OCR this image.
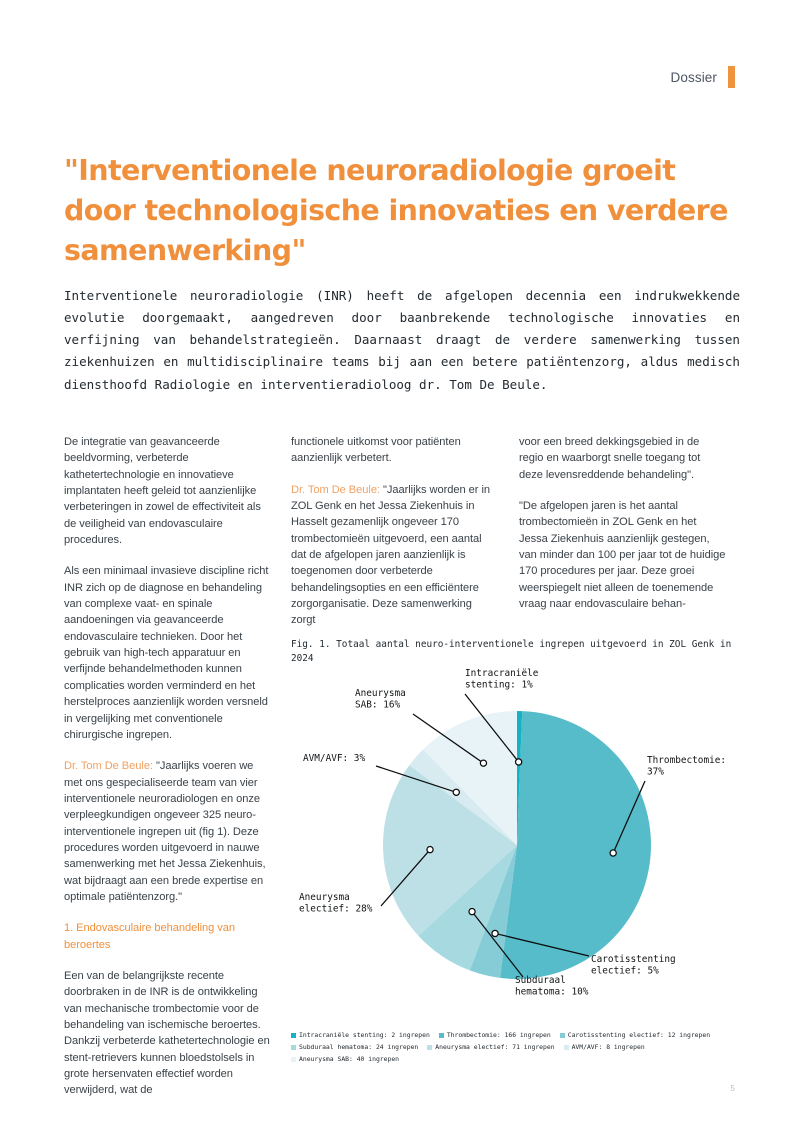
Dossier
"Interventionele neuroradiologie groeit door technologische innovaties en verdere samenwerking"

Interventionele neuroradiologie (INR) heeft de afgelopen decennia een indrukwekkende evolutie doorgemaakt, aangedreven door baanbrekende technologische innovaties en verfijning van behandelstrategieën. Daarnaast draagt de verdere samenwerking tussen ziekenhuizen en multidisciplinaire teams bij aan een betere patiëntenzorg, aldus medisch diensthoofd Radiologie en interventieradioloog dr. Tom De Beule.

De integratie van geavanceerde beeldvorming, verbeterde kathetertechnologie en innovatieve implantaten heeft geleid tot aanzienlijke verbeteringen in zowel de effectiviteit als de veiligheid van endovasculaire procedures.

Als een minimaal invasieve discipline richt INR zich op de diagnose en behandeling van complexe vaat- en spinale aandoeningen via geavanceerde endovasculaire technieken. Door het gebruik van high-tech apparatuur en verfijnde behandelmethoden kunnen complicaties worden verminderd en het herstelproces aanzienlijk worden versneld in vergelijking met conventionele chirurgische ingrepen.

Dr. Tom De Beule: "Jaarlijks voeren we met ons gespecialiseerde team van vier interventionele neuroradiologen en onze verpleegkundigen ongeveer 325 neuro-interventionele ingrepen uit (fig 1). Deze procedures worden uitgevoerd in nauwe samenwerking met het Jessa Ziekenhuis, wat bijdraagt aan een brede expertise en optimale patiëntenzorg."

1. Endovasculaire behandeling van beroertes

Een van de belangrijkste recente doorbraken in de INR is de ontwikkeling van mechanische trombectomie voor de behandeling van ischemische beroertes. Dankzij verbeterde kathetertechnologie en stent-retrievers kunnen bloedstolsels in grote hersenvaten effectief worden verwijderd, wat de

functionele uitkomst voor patiënten aanzienlijk verbetert.

Dr. Tom De Beule: "Jaarlijks worden er in ZOL Genk en het Jessa Ziekenhuis in Hasselt gezamenlijk ongeveer 170 trombectomieën uitgevoerd, een aantal dat de afgelopen jaren aanzienlijk is toegenomen door verbeterde behandelingsopties en een efficiëntere zorgorganisatie. Deze samenwerking zorgt

voor een breed dekkingsgebied in de regio en waarborgt snelle toegang tot deze levensreddende behandeling".

"De afgelopen jaren is het aantal trombectomieën in ZOL Genk en het Jessa Ziekenhuis aanzienlijk gestegen, van minder dan 100 per jaar tot de huidige 170 procedures per jaar. Deze groei weerspiegelt niet alleen de toenemende vraag naar endovasculaire behan-

Fig. 1. Totaal aantal neuro-interventionele ingrepen uitgevoerd in ZOL Genk in 2024
Intracraniële stenting: 1%
Thrombectomie: 37%
Carotisstenting electief: 5%
Subduraal hematoma: 10%
Aneurysma electief: 28%
AVM/AVF: 3%
Aneurysma SAB: 16%
Intracraniële stenting: 2 ingrepen	Thrombectomie: 166 ingrepen	Carotisstenting electief: 12 ingrepen
Subduraal hematoma: 24 ingrepen	Aneurysma electief: 71 ingrepen	AVM/AVF: 8 ingrepen
Aneurysma SAB: 40 ingrepen
5
